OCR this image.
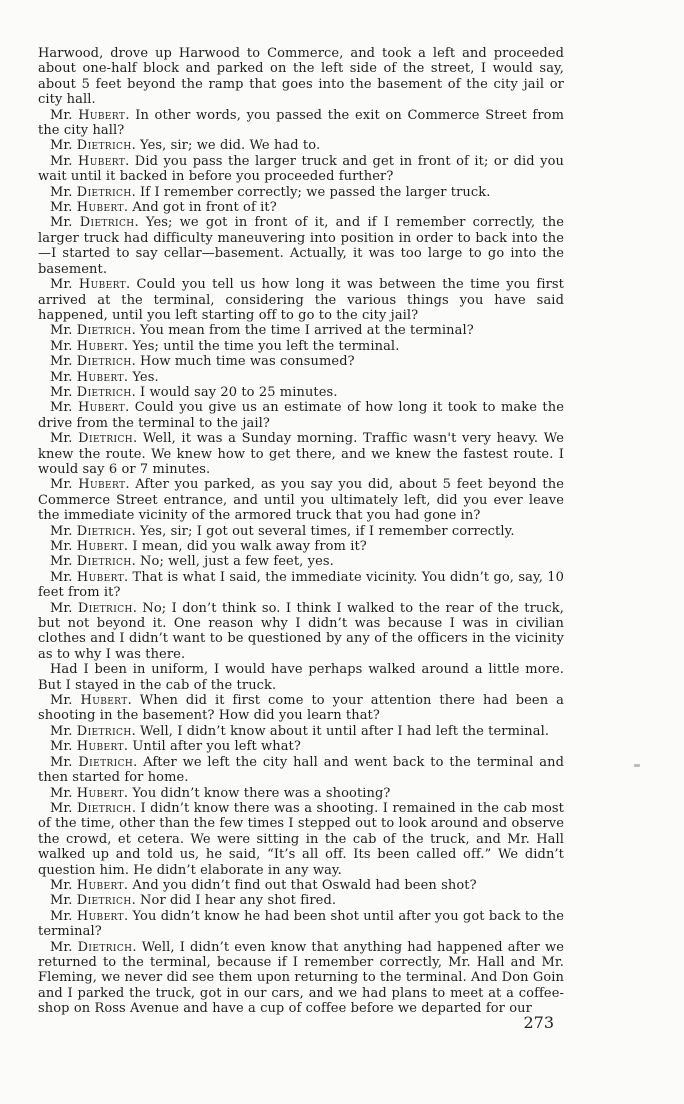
Harwood, drove up Harwood to Commerce, and took a left and proceeded about one-half block and parked on the left side of the street, I would say, about 5 feet beyond the ramp that goes into the basement of the city jail or city hall.

Mr. Hubert. In other words, you passed the exit on Commerce Street from the city hall?

Mr. Dietrich. Yes, sir; we did. We had to.

Mr. Hubert. Did you pass the larger truck and get in front of it; or did you wait until it backed in before you proceeded further?

Mr. Dietrich. If I remember correctly; we passed the larger truck.

Mr. Hubert. And got in front of it?

Mr. Dietrich. Yes; we got in front of it, and if I remember correctly, the larger truck had difficulty maneuvering into position in order to back into the—I started to say cellar—basement. Actually, it was too large to go into the basement.

Mr. Hubert. Could you tell us how long it was between the time you first arrived at the terminal, considering the various things you have said happened, until you left starting off to go to the city jail?

Mr. Dietrich. You mean from the time I arrived at the terminal?

Mr. Hubert. Yes; until the time you left the terminal.

Mr. Dietrich. How much time was consumed?

Mr. Hubert. Yes.

Mr. Dietrich. I would say 20 to 25 minutes.

Mr. Hubert. Could you give us an estimate of how long it took to make the drive from the terminal to the jail?

Mr. Dietrich. Well, it was a Sunday morning. Traffic wasn't very heavy. We knew the route. We knew how to get there, and we knew the fastest route. I would say 6 or 7 minutes.

Mr. Hubert. After you parked, as you say you did, about 5 feet beyond the Commerce Street entrance, and until you ultimately left, did you ever leave the immediate vicinity of the armored truck that you had gone in?

Mr. Dietrich. Yes, sir; I got out several times, if I remember correctly.

Mr. Hubert. I mean, did you walk away from it?

Mr. Dietrich. No; well, just a few feet, yes.

Mr. Hubert. That is what I said, the immediate vicinity. You didn’t go, say, 10 feet from it?

Mr. Dietrich. No; I don’t think so. I think I walked to the rear of the truck, but not beyond it. One reason why I didn’t was because I was in civilian clothes and I didn’t want to be questioned by any of the officers in the vicinity as to why I was there.

Had I been in uniform, I would have perhaps walked around a little more. But I stayed in the cab of the truck.

Mr. Hubert. When did it first come to your attention there had been a shooting in the basement? How did you learn that?

Mr. Dietrich. Well, I didn’t know about it until after I had left the terminal.

Mr. Hubert. Until after you left what?

Mr. Dietrich. After we left the city hall and went back to the terminal and then started for home.

Mr. Hubert. You didn’t know there was a shooting?

Mr. Dietrich. I didn’t know there was a shooting. I remained in the cab most of the time, other than the few times I stepped out to look around and observe the crowd, et cetera. We were sitting in the cab of the truck, and Mr. Hall walked up and told us, he said, “It’s all off. Its been called off.” We didn’t question him. He didn’t elaborate in any way.

Mr. Hubert. And you didn’t find out that Oswald had been shot?

Mr. Dietrich. Nor did I hear any shot fired.

Mr. Hubert. You didn’t know he had been shot until after you got back to the terminal?

Mr. Dietrich. Well, I didn’t even know that anything had happened after we returned to the terminal, because if I remember correctly, Mr. Hall and Mr. Fleming, we never did see them upon returning to the terminal. And Don Goin and I parked the truck, got in our cars, and we had plans to meet at a coffee-shop on Ross Avenue and have a cup of coffee before we departed for our

273
